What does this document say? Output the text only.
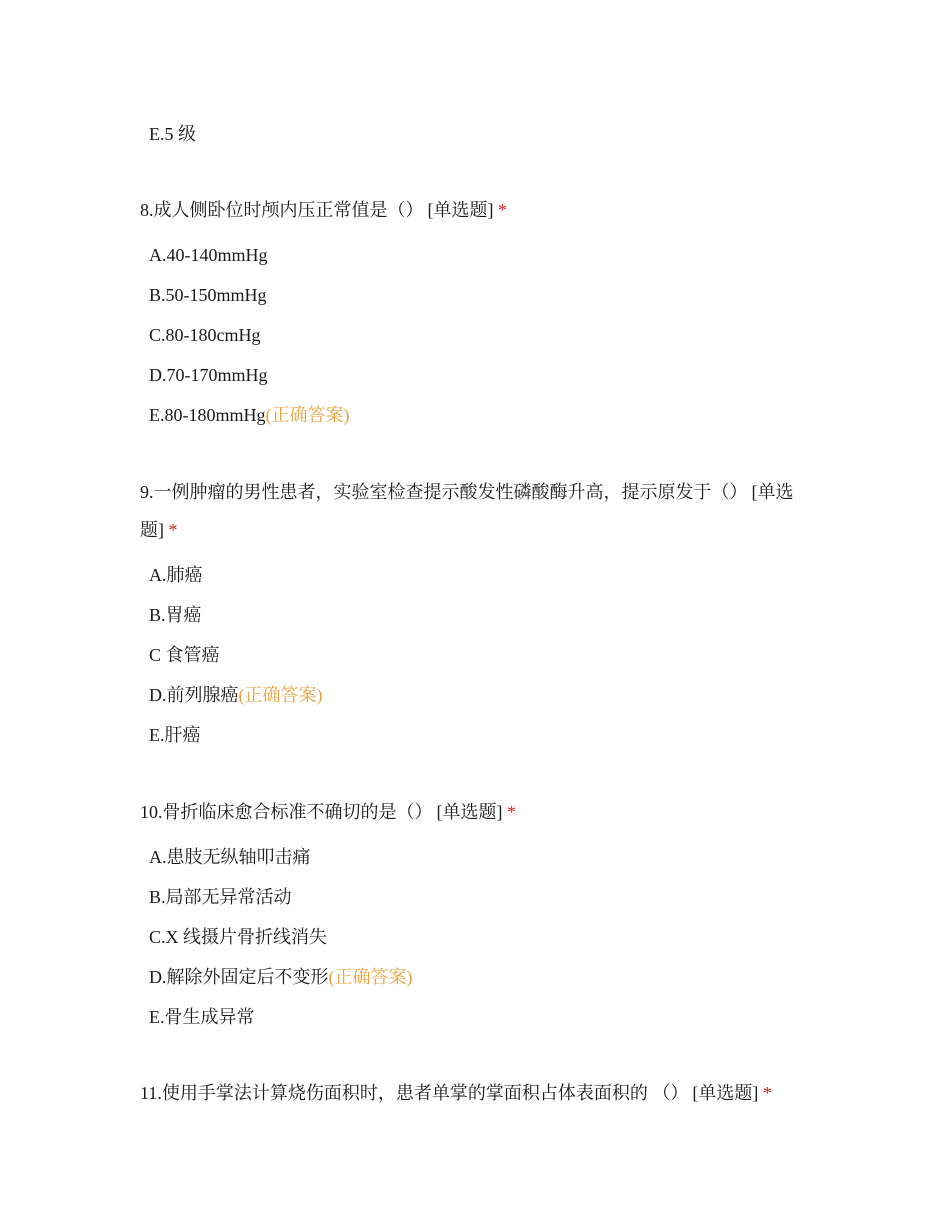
E.5 级
8.成人侧卧位时颅内压正常值是（） [单选题] *
A.40-140mmHg
B.50-150mmHg
C.80-180cmHg
D.70-170mmHg
E.80-180mmHg(正确答案)
9.一例肿瘤的男性患者，实验室检查提示酸发性磷酸酶升高，提示原发于（） [单选题] *
A.肺癌
B.胃癌
C 食管癌
D.前列腺癌(正确答案)
E.肝癌
10.骨折临床愈合标准不确切的是（） [单选题] *
A.患肢无纵轴叩击痛
B.局部无异常活动
C.X 线摄片骨折线消失
D.解除外固定后不变形(正确答案)
E.骨生成异常
11.使用手掌法计算烧伤面积时，患者单掌的掌面积占体表面积的 （） [单选题] *
